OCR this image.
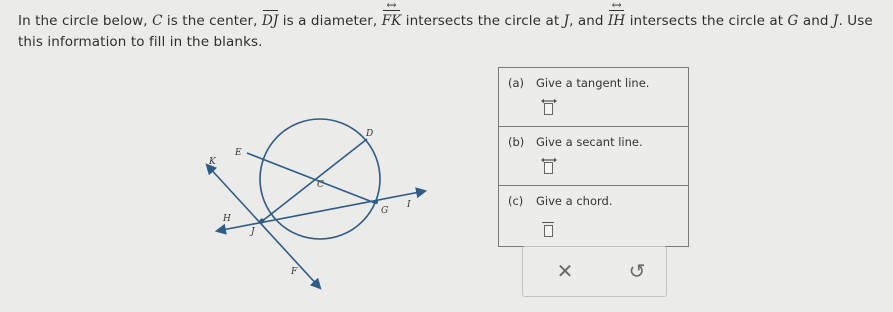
In the circle below, C is the center, DJ is a diameter, FK ↔ intersects the circle at J, and IH ↔ intersects the circle at G and J. Use this information to fill in the blanks.
D
E
K
C
G
I
H
J
F
(a) Give a tangent line.
(b) Give a secant line.
(c) Give a chord.
✕	↺
